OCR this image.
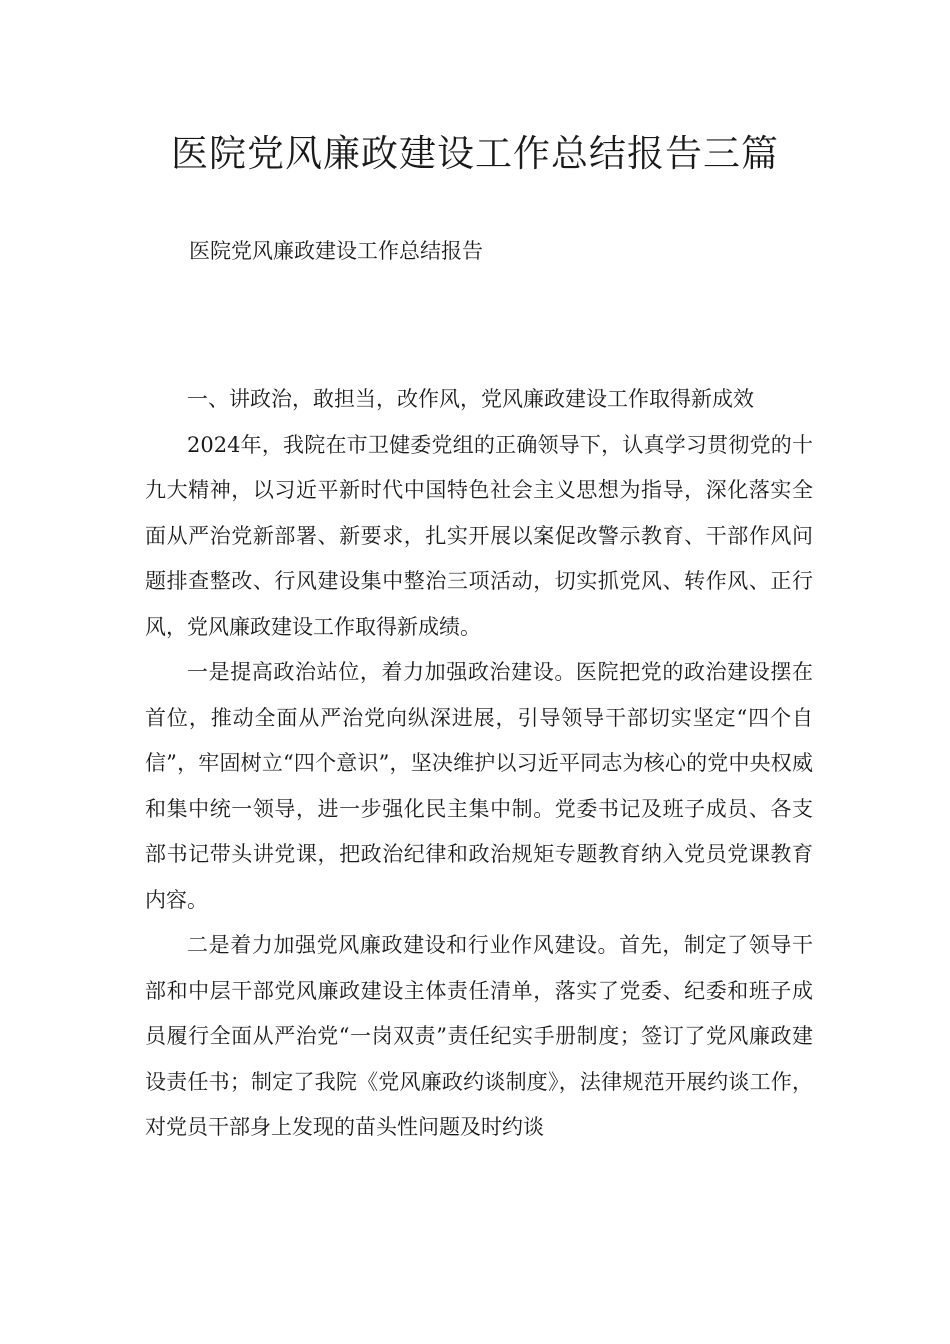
医院党风廉政建设工作总结报告三篇

医院党风廉政建设工作总结报告

一、讲政治，敢担当，改作风，党风廉政建设工作取得新成效

2024年，我院在市卫健委党组的正确领导下，认真学习贯彻党的十九大精神，以习近平新时代中国特色社会主义思想为指导，深化落实全面从严治党新部署、新要求，扎实开展以案促改警示教育、干部作风问题排查整改、行风建设集中整治三项活动，切实抓党风、转作风、正行风，党风廉政建设工作取得新成绩。

一是提高政治站位，着力加强政治建设。医院把党的政治建设摆在首位，推动全面从严治党向纵深进展，引导领导干部切实坚定“四个自信”，牢固树立“四个意识”，坚决维护以习近平同志为核心的党中央权威和集中统一领导，进一步强化民主集中制。党委书记及班子成员、各支部书记带头讲党课，把政治纪律和政治规矩专题教育纳入党员党课教育内容。

二是着力加强党风廉政建设和行业作风建设。首先，制定了领导干部和中层干部党风廉政建设主体责任清单，落实了党委、纪委和班子成员履行全面从严治党“一岗双责”责任纪实手册制度；签订了党风廉政建设责任书；制定了我院《党风廉政约谈制度》，法律规范开展约谈工作，对党员干部身上发现的苗头性问题及时约谈
